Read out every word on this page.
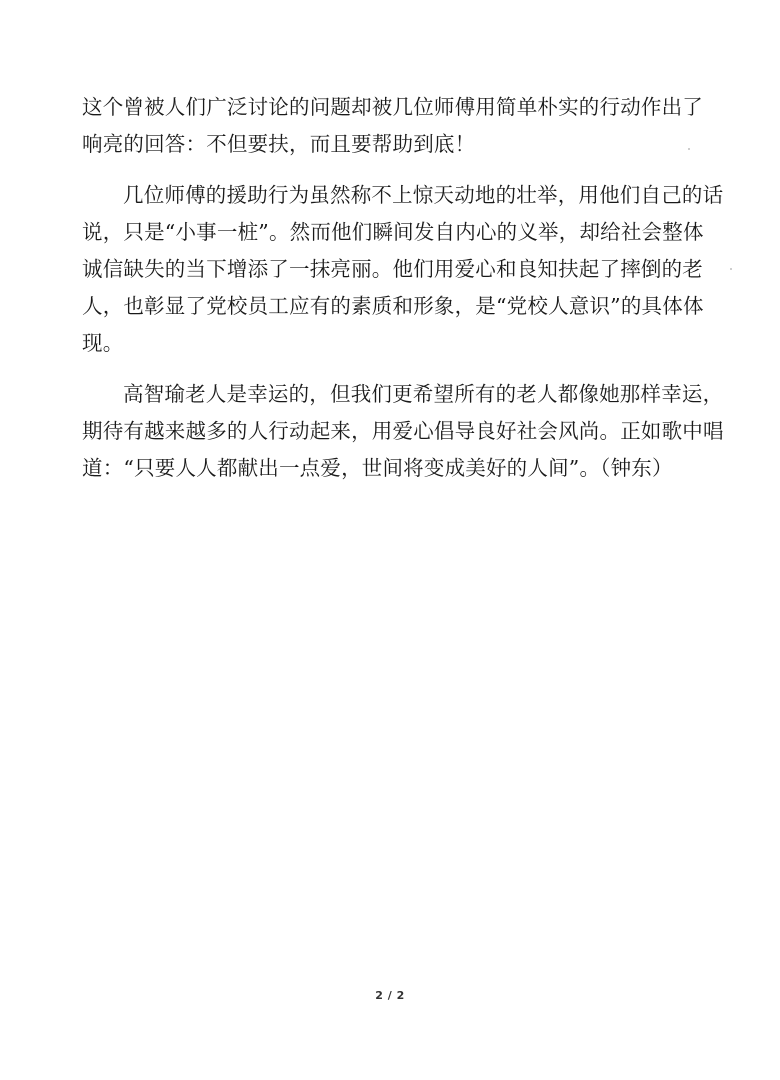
这个曾被人们广泛讨论的问题却被几位师傅用简单朴实的行动作出了
响亮的回答：不但要扶，而且要帮助到底！
几位师傅的援助行为虽然称不上惊天动地的壮举，用他们自己的话
说，只是“小事一桩”。然而他们瞬间发自内心的义举，却给社会整体
诚信缺失的当下增添了一抹亮丽。他们用爱心和良知扶起了摔倒的老
人，也彰显了党校员工应有的素质和形象，是“党校人意识”的具体体
现。
高智瑜老人是幸运的，但我们更希望所有的老人都像她那样幸运，
期待有越来越多的人行动起来，用爱心倡导良好社会风尚。正如歌中唱
道：“只要人人都献出一点爱，世间将变成美好的人间”。（钟东）
2 / 2
